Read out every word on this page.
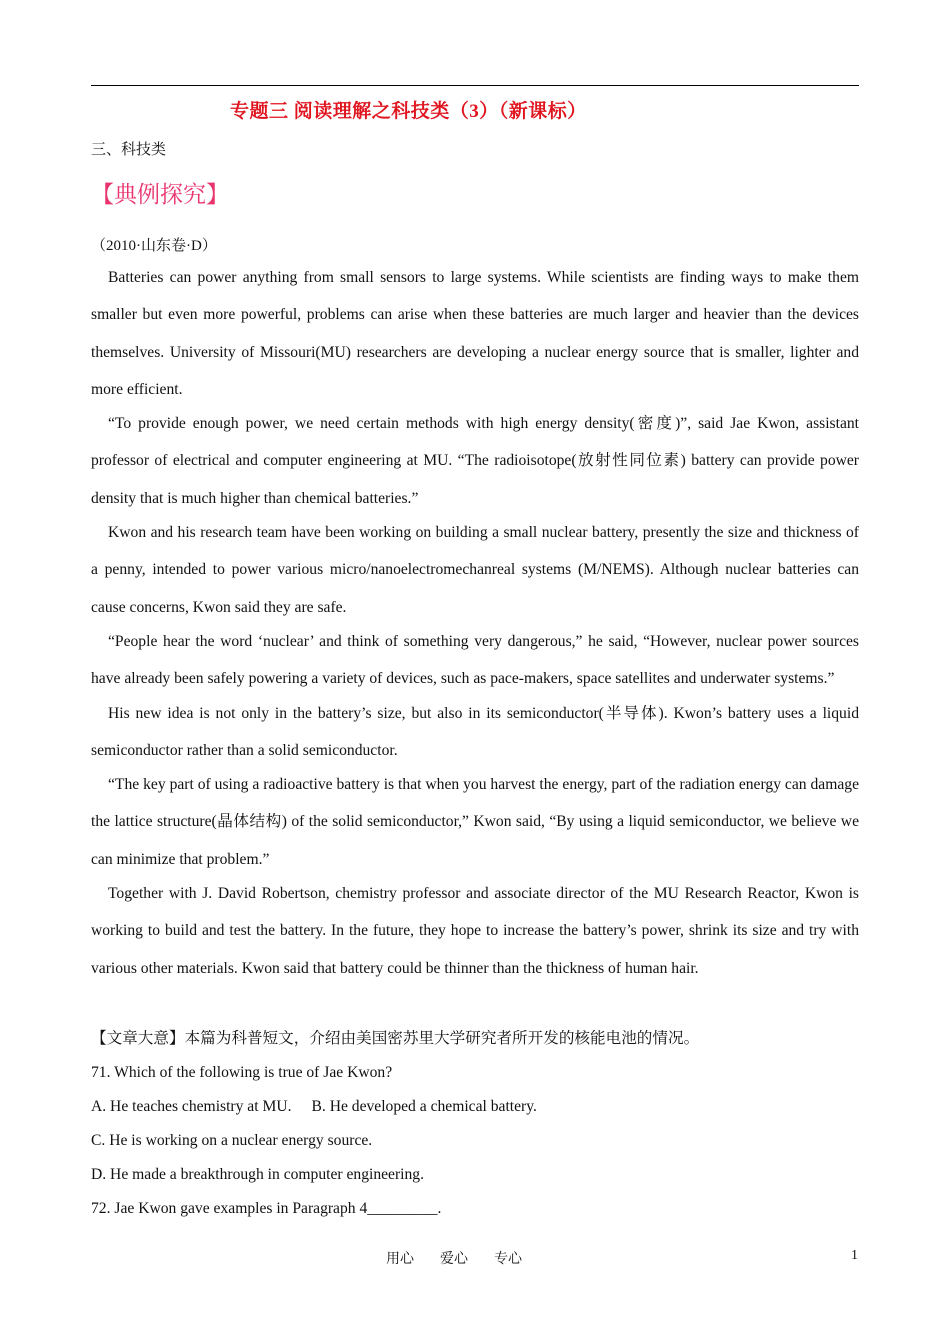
专题三 阅读理解之科技类（3）（新课标）
三、科技类
【典例探究】
（2010·山东卷·D）

Batteries can power anything from small sensors to large systems. While scientists are finding ways to make them smaller but even more powerful, problems can arise when these batteries are much larger and heavier than the devices themselves. University of Missouri(MU) researchers are developing a nuclear energy source that is smaller, lighter and more efficient.

“To provide enough power, we need certain methods with high energy density(密度)”, said Jae Kwon, assistant professor of electrical and computer engineering at MU. “The radioisotope(放射性同位素) battery can provide power density that is much higher than chemical batteries.”

Kwon and his research team have been working on building a small nuclear battery, presently the size and thickness of a penny, intended to power various micro/nanoelectromechanreal systems (M/NEMS). Although nuclear batteries can cause concerns, Kwon said they are safe.

“People hear the word ‘nuclear’ and think of something very dangerous,” he said, “However, nuclear power sources have already been safely powering a variety of devices, such as pace-makers, space satellites and underwater systems.”

His new idea is not only in the battery’s size, but also in its semiconductor(半导体). Kwon’s battery uses a liquid semiconductor rather than a solid semiconductor.

“The key part of using a radioactive battery is that when you harvest the energy, part of the radiation energy can damage the lattice structure(晶体结构) of the solid semiconductor,” Kwon said, “By using a liquid semiconductor, we believe we can minimize that problem.”

Together with J. David Robertson, chemistry professor and associate director of the MU Research Reactor, Kwon is working to build and test the battery. In the future, they hope to increase the battery’s power, shrink its size and try with various other materials. Kwon said that battery could be thinner than the thickness of human hair.

【文章大意】本篇为科普短文，介绍由美国密苏里大学研究者所开发的核能电池的情况。
71. Which of the following is true of Jae Kwon?
A. He teaches chemistry at MU. B. He developed a chemical battery.
C. He is working on a nuclear energy source.
D. He made a breakthrough in computer engineering.
72. Jae Kwon gave examples in Paragraph 4_________.
用心 爱心 专心	1
